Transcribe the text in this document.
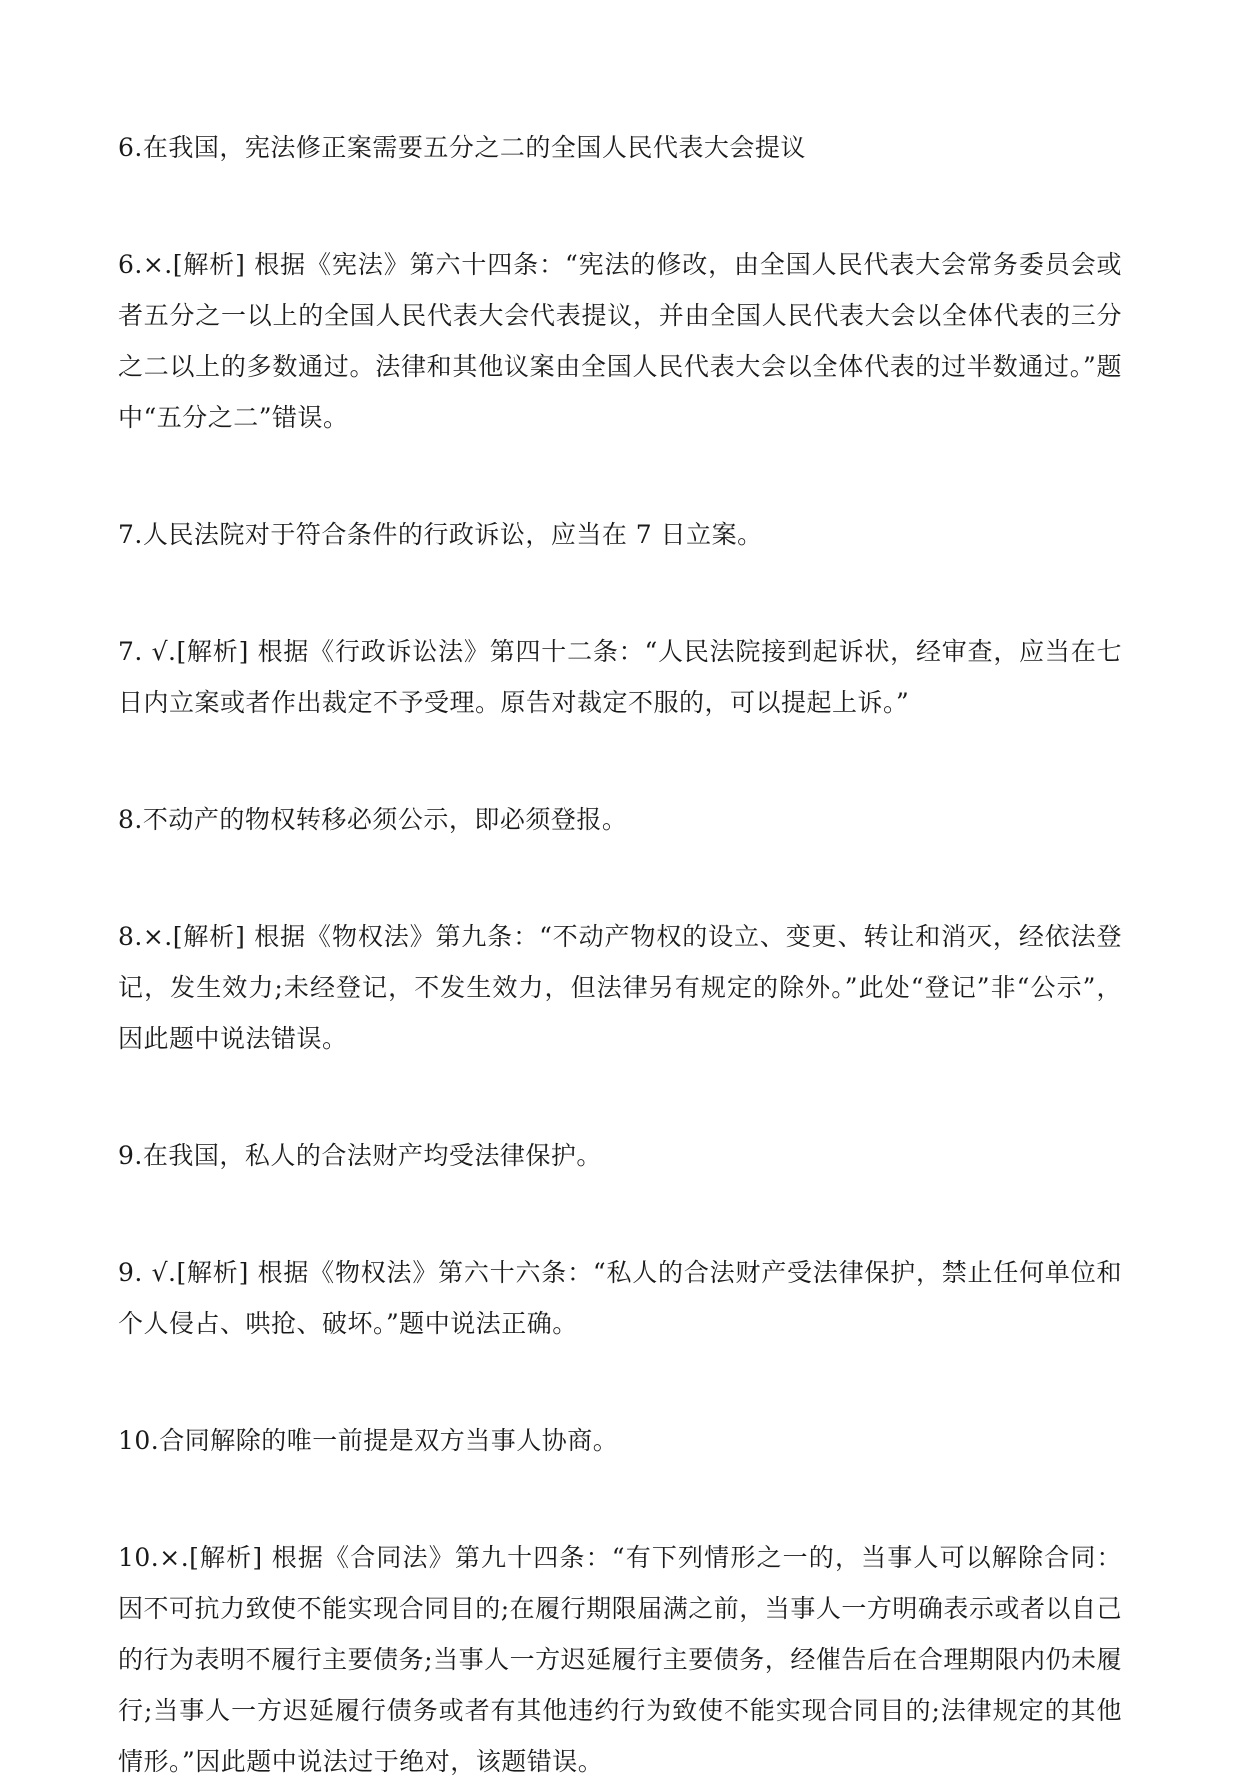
6.在我国，宪法修正案需要五分之二的全国人民代表大会提议

6.×.[解析] 根据《宪法》第六十四条：“宪法的修改，由全国人民代表大会常务委员会或者五分之一以上的全国人民代表大会代表提议，并由全国人民代表大会以全体代表的三分之二以上的多数通过。法律和其他议案由全国人民代表大会以全体代表的过半数通过。”题中“五分之二”错误。

7.人民法院对于符合条件的行政诉讼，应当在 7 日立案。

7. √.[解析] 根据《行政诉讼法》第四十二条：“人民法院接到起诉状，经审查，应当在七日内立案或者作出裁定不予受理。原告对裁定不服的，可以提起上诉。”

8.不动产的物权转移必须公示，即必须登报。

8.×.[解析] 根据《物权法》第九条：“不动产物权的设立、变更、转让和消灭，经依法登记，发生效力;未经登记，不发生效力，但法律另有规定的除外。”此处“登记”非“公示”，因此题中说法错误。

9.在我国，私人的合法财产均受法律保护。

9. √.[解析] 根据《物权法》第六十六条：“私人的合法财产受法律保护，禁止任何单位和个人侵占、哄抢、破坏。”题中说法正确。

10.合同解除的唯一前提是双方当事人协商。

10.×.[解析] 根据《合同法》第九十四条：“有下列情形之一的，当事人可以解除合同：因不可抗力致使不能实现合同目的;在履行期限届满之前，当事人一方明确表示或者以自己的行为表明不履行主要债务;当事人一方迟延履行主要债务，经催告后在合理期限内仍未履行;当事人一方迟延履行债务或者有其他违约行为致使不能实现合同目的;法律规定的其他情形。”因此题中说法过于绝对，该题错误。
